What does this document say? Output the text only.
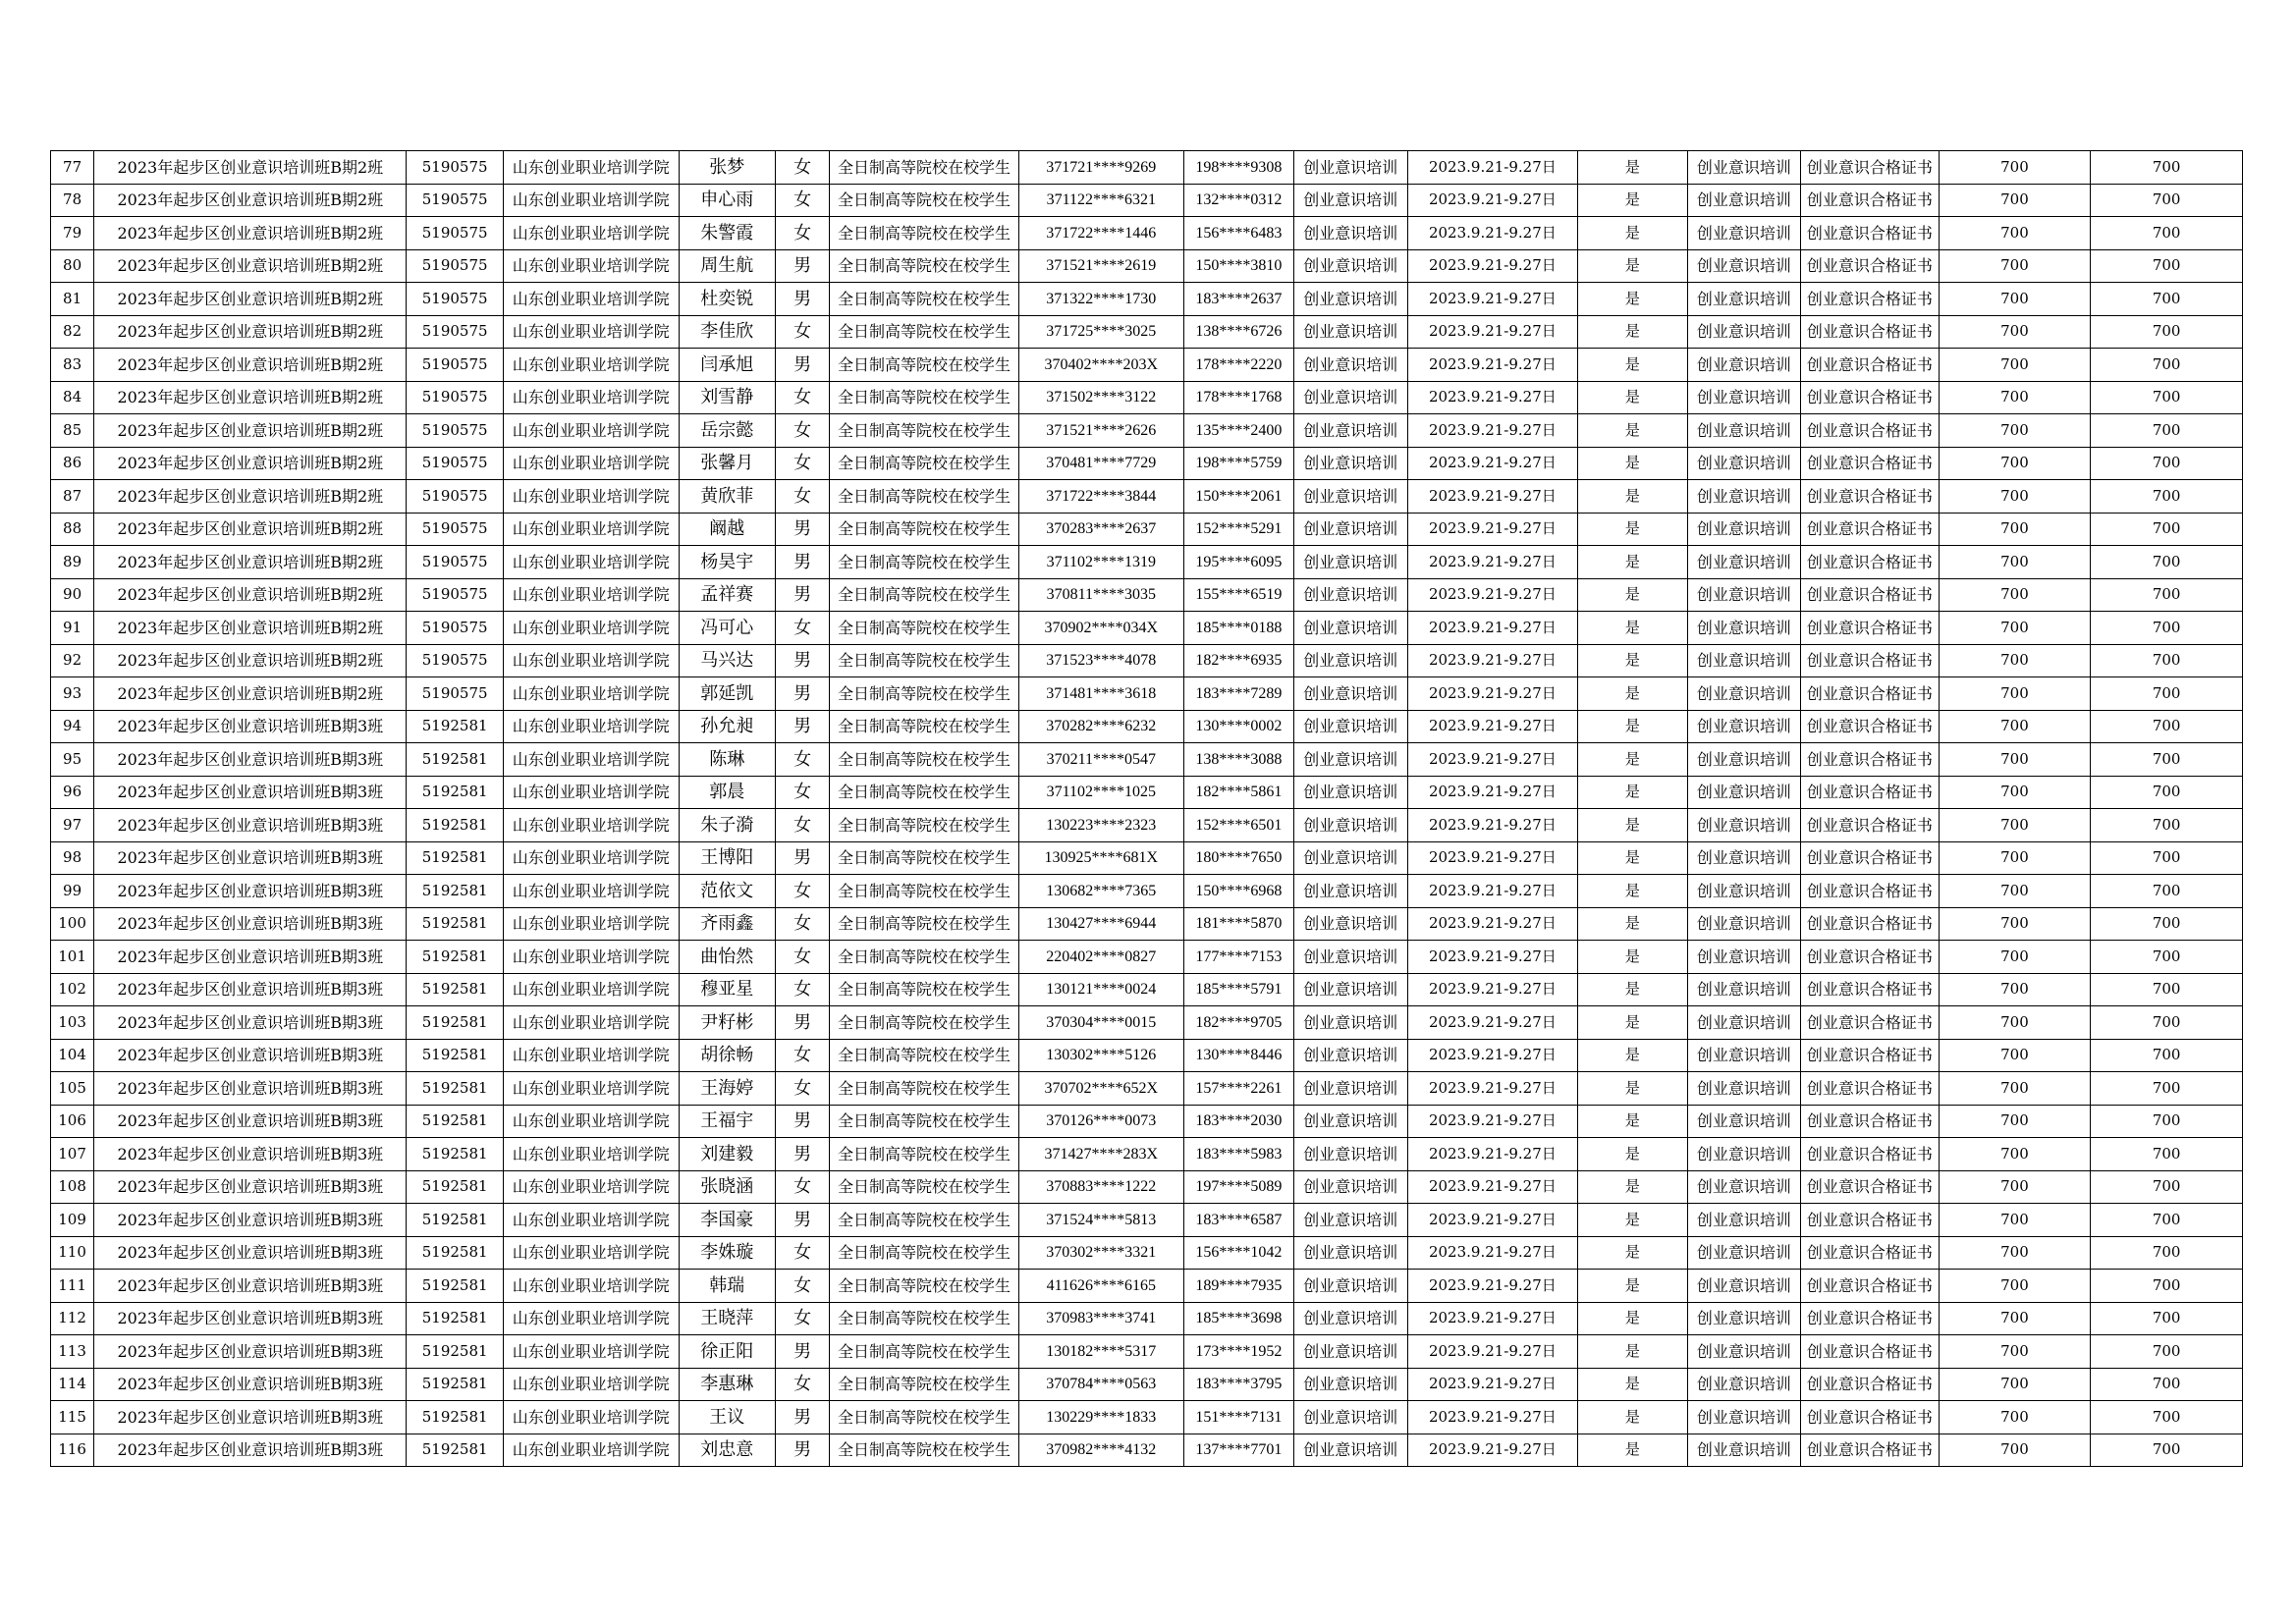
77	2023年起步区创业意识培训班B期2班	5190575	山东创业职业培训学院	张梦	女	全日制高等院校在校学生	371721****9269	198****9308	创业意识培训	2023.9.21-9.27日	是	创业意识培训	创业意识合格证书	700	700
78	2023年起步区创业意识培训班B期2班	5190575	山东创业职业培训学院	申心雨	女	全日制高等院校在校学生	371122****6321	132****0312	创业意识培训	2023.9.21-9.27日	是	创业意识培训	创业意识合格证书	700	700
79	2023年起步区创业意识培训班B期2班	5190575	山东创业职业培训学院	朱警霞	女	全日制高等院校在校学生	371722****1446	156****6483	创业意识培训	2023.9.21-9.27日	是	创业意识培训	创业意识合格证书	700	700
80	2023年起步区创业意识培训班B期2班	5190575	山东创业职业培训学院	周生航	男	全日制高等院校在校学生	371521****2619	150****3810	创业意识培训	2023.9.21-9.27日	是	创业意识培训	创业意识合格证书	700	700
81	2023年起步区创业意识培训班B期2班	5190575	山东创业职业培训学院	杜奕锐	男	全日制高等院校在校学生	371322****1730	183****2637	创业意识培训	2023.9.21-9.27日	是	创业意识培训	创业意识合格证书	700	700
82	2023年起步区创业意识培训班B期2班	5190575	山东创业职业培训学院	李佳欣	女	全日制高等院校在校学生	371725****3025	138****6726	创业意识培训	2023.9.21-9.27日	是	创业意识培训	创业意识合格证书	700	700
83	2023年起步区创业意识培训班B期2班	5190575	山东创业职业培训学院	闫承旭	男	全日制高等院校在校学生	370402****203X	178****2220	创业意识培训	2023.9.21-9.27日	是	创业意识培训	创业意识合格证书	700	700
84	2023年起步区创业意识培训班B期2班	5190575	山东创业职业培训学院	刘雪静	女	全日制高等院校在校学生	371502****3122	178****1768	创业意识培训	2023.9.21-9.27日	是	创业意识培训	创业意识合格证书	700	700
85	2023年起步区创业意识培训班B期2班	5190575	山东创业职业培训学院	岳宗懿	女	全日制高等院校在校学生	371521****2626	135****2400	创业意识培训	2023.9.21-9.27日	是	创业意识培训	创业意识合格证书	700	700
86	2023年起步区创业意识培训班B期2班	5190575	山东创业职业培训学院	张馨月	女	全日制高等院校在校学生	370481****7729	198****5759	创业意识培训	2023.9.21-9.27日	是	创业意识培训	创业意识合格证书	700	700
87	2023年起步区创业意识培训班B期2班	5190575	山东创业职业培训学院	黄欣菲	女	全日制高等院校在校学生	371722****3844	150****2061	创业意识培训	2023.9.21-9.27日	是	创业意识培训	创业意识合格证书	700	700
88	2023年起步区创业意识培训班B期2班	5190575	山东创业职业培训学院	阚越	男	全日制高等院校在校学生	370283****2637	152****5291	创业意识培训	2023.9.21-9.27日	是	创业意识培训	创业意识合格证书	700	700
89	2023年起步区创业意识培训班B期2班	5190575	山东创业职业培训学院	杨昊宇	男	全日制高等院校在校学生	371102****1319	195****6095	创业意识培训	2023.9.21-9.27日	是	创业意识培训	创业意识合格证书	700	700
90	2023年起步区创业意识培训班B期2班	5190575	山东创业职业培训学院	孟祥赛	男	全日制高等院校在校学生	370811****3035	155****6519	创业意识培训	2023.9.21-9.27日	是	创业意识培训	创业意识合格证书	700	700
91	2023年起步区创业意识培训班B期2班	5190575	山东创业职业培训学院	冯可心	女	全日制高等院校在校学生	370902****034X	185****0188	创业意识培训	2023.9.21-9.27日	是	创业意识培训	创业意识合格证书	700	700
92	2023年起步区创业意识培训班B期2班	5190575	山东创业职业培训学院	马兴达	男	全日制高等院校在校学生	371523****4078	182****6935	创业意识培训	2023.9.21-9.27日	是	创业意识培训	创业意识合格证书	700	700
93	2023年起步区创业意识培训班B期2班	5190575	山东创业职业培训学院	郭延凯	男	全日制高等院校在校学生	371481****3618	183****7289	创业意识培训	2023.9.21-9.27日	是	创业意识培训	创业意识合格证书	700	700
94	2023年起步区创业意识培训班B期3班	5192581	山东创业职业培训学院	孙允昶	男	全日制高等院校在校学生	370282****6232	130****0002	创业意识培训	2023.9.21-9.27日	是	创业意识培训	创业意识合格证书	700	700
95	2023年起步区创业意识培训班B期3班	5192581	山东创业职业培训学院	陈琳	女	全日制高等院校在校学生	370211****0547	138****3088	创业意识培训	2023.9.21-9.27日	是	创业意识培训	创业意识合格证书	700	700
96	2023年起步区创业意识培训班B期3班	5192581	山东创业职业培训学院	郭晨	女	全日制高等院校在校学生	371102****1025	182****5861	创业意识培训	2023.9.21-9.27日	是	创业意识培训	创业意识合格证书	700	700
97	2023年起步区创业意识培训班B期3班	5192581	山东创业职业培训学院	朱子漪	女	全日制高等院校在校学生	130223****2323	152****6501	创业意识培训	2023.9.21-9.27日	是	创业意识培训	创业意识合格证书	700	700
98	2023年起步区创业意识培训班B期3班	5192581	山东创业职业培训学院	王博阳	男	全日制高等院校在校学生	130925****681X	180****7650	创业意识培训	2023.9.21-9.27日	是	创业意识培训	创业意识合格证书	700	700
99	2023年起步区创业意识培训班B期3班	5192581	山东创业职业培训学院	范依文	女	全日制高等院校在校学生	130682****7365	150****6968	创业意识培训	2023.9.21-9.27日	是	创业意识培训	创业意识合格证书	700	700
100	2023年起步区创业意识培训班B期3班	5192581	山东创业职业培训学院	齐雨鑫	女	全日制高等院校在校学生	130427****6944	181****5870	创业意识培训	2023.9.21-9.27日	是	创业意识培训	创业意识合格证书	700	700
101	2023年起步区创业意识培训班B期3班	5192581	山东创业职业培训学院	曲怡然	女	全日制高等院校在校学生	220402****0827	177****7153	创业意识培训	2023.9.21-9.27日	是	创业意识培训	创业意识合格证书	700	700
102	2023年起步区创业意识培训班B期3班	5192581	山东创业职业培训学院	穆亚星	女	全日制高等院校在校学生	130121****0024	185****5791	创业意识培训	2023.9.21-9.27日	是	创业意识培训	创业意识合格证书	700	700
103	2023年起步区创业意识培训班B期3班	5192581	山东创业职业培训学院	尹籽彬	男	全日制高等院校在校学生	370304****0015	182****9705	创业意识培训	2023.9.21-9.27日	是	创业意识培训	创业意识合格证书	700	700
104	2023年起步区创业意识培训班B期3班	5192581	山东创业职业培训学院	胡徐畅	女	全日制高等院校在校学生	130302****5126	130****8446	创业意识培训	2023.9.21-9.27日	是	创业意识培训	创业意识合格证书	700	700
105	2023年起步区创业意识培训班B期3班	5192581	山东创业职业培训学院	王海婷	女	全日制高等院校在校学生	370702****652X	157****2261	创业意识培训	2023.9.21-9.27日	是	创业意识培训	创业意识合格证书	700	700
106	2023年起步区创业意识培训班B期3班	5192581	山东创业职业培训学院	王福宇	男	全日制高等院校在校学生	370126****0073	183****2030	创业意识培训	2023.9.21-9.27日	是	创业意识培训	创业意识合格证书	700	700
107	2023年起步区创业意识培训班B期3班	5192581	山东创业职业培训学院	刘建毅	男	全日制高等院校在校学生	371427****283X	183****5983	创业意识培训	2023.9.21-9.27日	是	创业意识培训	创业意识合格证书	700	700
108	2023年起步区创业意识培训班B期3班	5192581	山东创业职业培训学院	张晓涵	女	全日制高等院校在校学生	370883****1222	197****5089	创业意识培训	2023.9.21-9.27日	是	创业意识培训	创业意识合格证书	700	700
109	2023年起步区创业意识培训班B期3班	5192581	山东创业职业培训学院	李国豪	男	全日制高等院校在校学生	371524****5813	183****6587	创业意识培训	2023.9.21-9.27日	是	创业意识培训	创业意识合格证书	700	700
110	2023年起步区创业意识培训班B期3班	5192581	山东创业职业培训学院	李姝璇	女	全日制高等院校在校学生	370302****3321	156****1042	创业意识培训	2023.9.21-9.27日	是	创业意识培训	创业意识合格证书	700	700
111	2023年起步区创业意识培训班B期3班	5192581	山东创业职业培训学院	韩瑞	女	全日制高等院校在校学生	411626****6165	189****7935	创业意识培训	2023.9.21-9.27日	是	创业意识培训	创业意识合格证书	700	700
112	2023年起步区创业意识培训班B期3班	5192581	山东创业职业培训学院	王晓萍	女	全日制高等院校在校学生	370983****3741	185****3698	创业意识培训	2023.9.21-9.27日	是	创业意识培训	创业意识合格证书	700	700
113	2023年起步区创业意识培训班B期3班	5192581	山东创业职业培训学院	徐正阳	男	全日制高等院校在校学生	130182****5317	173****1952	创业意识培训	2023.9.21-9.27日	是	创业意识培训	创业意识合格证书	700	700
114	2023年起步区创业意识培训班B期3班	5192581	山东创业职业培训学院	李惠琳	女	全日制高等院校在校学生	370784****0563	183****3795	创业意识培训	2023.9.21-9.27日	是	创业意识培训	创业意识合格证书	700	700
115	2023年起步区创业意识培训班B期3班	5192581	山东创业职业培训学院	王议	男	全日制高等院校在校学生	130229****1833	151****7131	创业意识培训	2023.9.21-9.27日	是	创业意识培训	创业意识合格证书	700	700
116	2023年起步区创业意识培训班B期3班	5192581	山东创业职业培训学院	刘忠意	男	全日制高等院校在校学生	370982****4132	137****7701	创业意识培训	2023.9.21-9.27日	是	创业意识培训	创业意识合格证书	700	700
